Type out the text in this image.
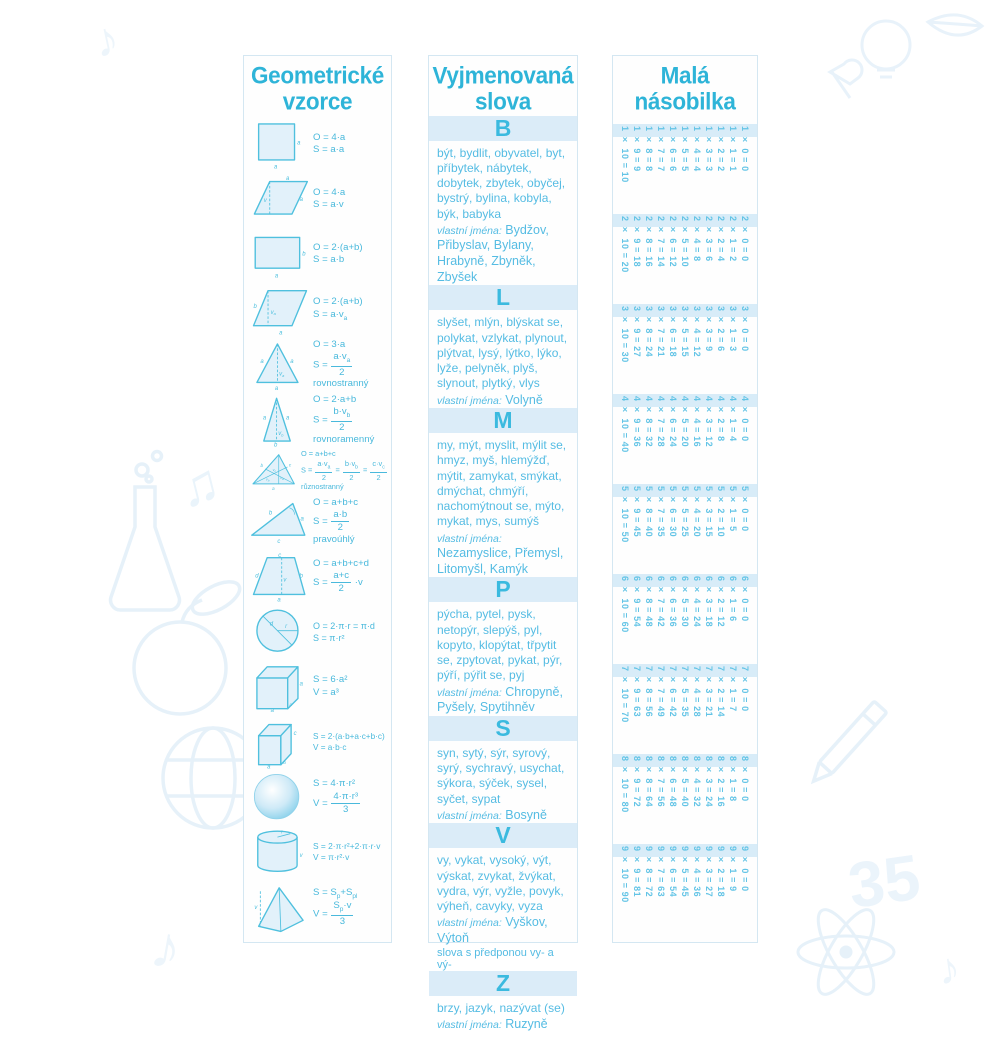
♪
♫
♪
35
♪
Geometrické vzorce
a
a
O = 4·a
S = a·a
a
a
v
O = 4·a
S = a·v
b
a
O = 2·(a+b)
S = a·b
b
$v_a$
a
O = 2·(a+b)
$S = a\cdot v_a$
a	a
$v_a$
a
O = 3·a
$S = \frac{a\cdot v_a}{2}$
rovnostranný
a	a
$v_b$
b
O = 2·a+b
$S = \frac{b\cdot v_b}{2}$
rovnoramenný
b	c
a
$v_a$
$v_b$
$v_c$
O = a+b+c
$S = \frac{a\cdot v_a}{2} = \frac{b\cdot v_b}{2} = \frac{c\cdot v_c}{2}$
různostranný
b
a
c
O = a+b+c
$S = \frac{a\cdot b}{2}$
pravoúhlý
c
d	b
v
a
O = a+b+c+d
$S = \frac{a+c}{2} \cdot v$
d r	O = 2·π·r = π·d
S = π·r²
a
a
a
S = 6·a²
V = a³
c
b
a
S = 2·(a·b+a·c+b·c)
V = a·b·c
S = 4·π·r²
$V = \frac{\text{4·π·r³}}{3}$
r
v
S = 2·π·r²+2·π·r·v
V = π·r²·v
v
$S = S_p+S_{pl}$
$V = \frac{S_p\cdot v}{3}$
Vyjmenovaná slova
B

být, bydlit, obyvatel, byt, příbytek, nábytek, dobytek, zbytek, obyčej, bystrý, bylina, kobyla, býk, babyka

vlastní jména: Bydžov, Přibyslav, Bylany, Hrabyně, Zbyněk, Zbyšek

L

slyšet, mlýn, blýskat se, polykat, vzlykat, plynout, plýtvat, lysý, lýtko, lýko, lyže, pelyněk, plyš, slynout, plytký, vlys

vlastní jména: Volyně

M

my, mýt, myslit, mýlit se, hmyz, myš, hlemýžď, mýtit, zamykat, smýkat, dmýchat, chmýří, nachomýtnout se, mýto, mykat, mys, sumýš

vlastní jména: Nezamyslice, Přemysl, Litomyšl, Kamýk

P

pýcha, pytel, pysk, netopýr, slepýš, pyl, kopyto, klopýtat, třpytit se, zpytovat, pykat, pýr, pýří, pýřit se, pyj

vlastní jména: Chropyně, Pyšely, Spytihněv

S

syn, sytý, sýr, syrový, syrý, sychravý, usychat, sýkora, sýček, sysel, syčet, sypat

vlastní jména: Bosyně

V

vy, vykat, vysoký, výt, výskat, zvykat, žvýkat, vydra, výr, vyžle, povyk, výheň, cavyky, vyza

vlastní jména: Vyškov, Výtoň

slova s předponou vy- a vý-

Z

brzy, jazyk, nazývat (se)

vlastní jména: Ruzyně

Malá násobilka
1 × 0 = 0
1 × 1 = 1
1 × 2 = 2
1 × 3 = 3
1 × 4 = 4
1 × 5 = 5
1 × 6 = 6
1 × 7 = 7
1 × 8 = 8
1 × 9 = 9
1 × 10 = 10
2 × 0 = 0
2 × 1 = 2
2 × 2 = 4
2 × 3 = 6
2 × 4 = 8
2 × 5 = 10
2 × 6 = 12
2 × 7 = 14
2 × 8 = 16
2 × 9 = 18
2 × 10 = 20
3 × 0 = 0
3 × 1 = 3
3 × 2 = 6
3 × 3 = 9
3 × 4 = 12
3 × 5 = 15
3 × 6 = 18
3 × 7 = 21
3 × 8 = 24
3 × 9 = 27
3 × 10 = 30
4 × 0 = 0
4 × 1 = 4
4 × 2 = 8
4 × 3 = 12
4 × 4 = 16
4 × 5 = 20
4 × 6 = 24
4 × 7 = 28
4 × 8 = 32
4 × 9 = 36
4 × 10 = 40
5 × 0 = 0
5 × 1 = 5
5 × 2 = 10
5 × 3 = 15
5 × 4 = 20
5 × 5 = 25
5 × 6 = 30
5 × 7 = 35
5 × 8 = 40
5 × 9 = 45
5 × 10 = 50
6 × 0 = 0
6 × 1 = 6
6 × 2 = 12
6 × 3 = 18
6 × 4 = 24
6 × 5 = 30
6 × 6 = 36
6 × 7 = 42
6 × 8 = 48
6 × 9 = 54
6 × 10 = 60
7 × 0 = 0
7 × 1 = 7
7 × 2 = 14
7 × 3 = 21
7 × 4 = 28
7 × 5 = 35
7 × 6 = 42
7 × 7 = 49
7 × 8 = 56
7 × 9 = 63
7 × 10 = 70
8 × 0 = 0
8 × 1 = 8
8 × 2 = 16
8 × 3 = 24
8 × 4 = 32
8 × 5 = 40
8 × 6 = 48
8 × 7 = 56
8 × 8 = 64
8 × 9 = 72
8 × 10 = 80
9 × 0 = 0
9 × 1 = 9
9 × 2 = 18
9 × 3 = 27
9 × 4 = 36
9 × 5 = 45
9 × 6 = 54
9 × 7 = 63
9 × 8 = 72
9 × 9 = 81
9 × 10 = 90
